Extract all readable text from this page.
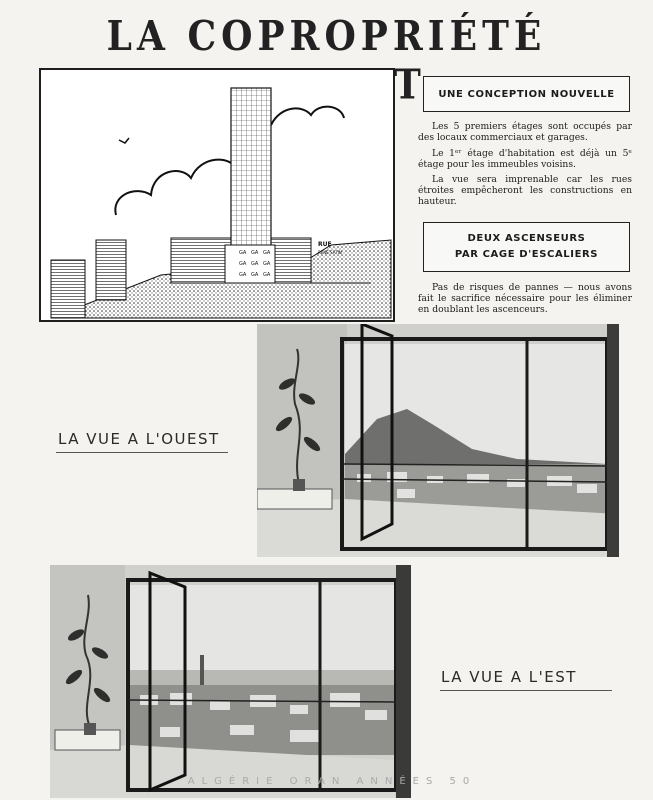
LA COPROPRIÉTÉ
GA GA GA
GA GA GA
GA GA GA
RUE
RENÉ SATIN
UNE CONCEPTION NOUVELLE

Les 5 premiers étages sont occupés par des locaux commerciaux et garages.

Le 1ᵉʳ étage d'habitation est déjà un 5ᵉ étage pour les immeubles voisins.

La vue sera imprenable car les rues étroites empêcheront les constructions en hauteur.

DEUX ASCENSEURS
PAR CAGE D'ESCALIERS

Pas de risques de pannes — nous avons fait le sacrifice nécessaire pour les éliminer en doublant les ascenceurs.

LA VUE A L'OUEST
LA VUE A L'EST
ALGÉRIE ORAN ANNÉES 50
